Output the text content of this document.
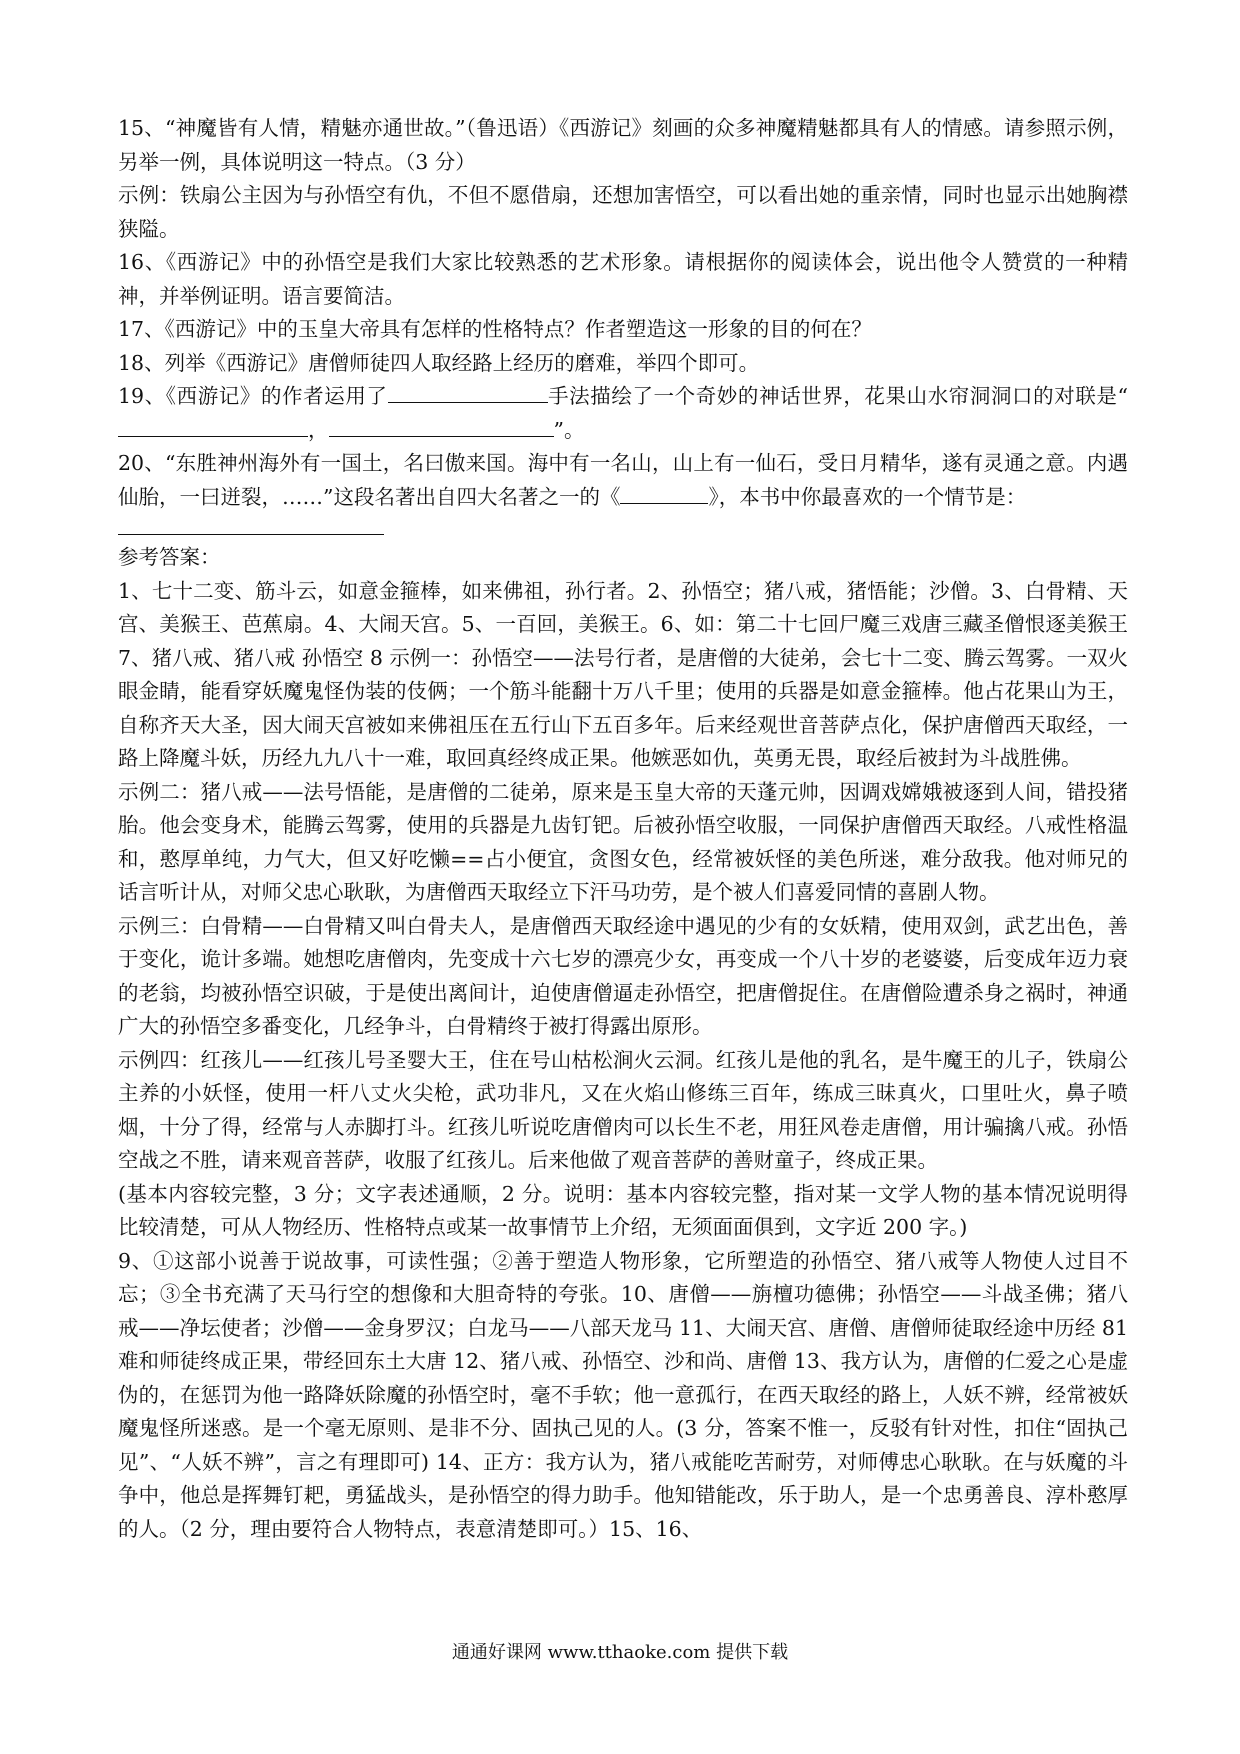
15、“神魔皆有人情，精魅亦通世故。”（鲁迅语）《西游记》刻画的众多神魔精魅都具有人的情感。请参照示例，另举一例，具体说明这一特点。（3 分）

示例：铁扇公主因为与孙悟空有仇，不但不愿借扇，还想加害悟空，可以看出她的重亲情，同时也显示出她胸襟狭隘。

16、《西游记》中的孙悟空是我们大家比较熟悉的艺术形象。请根据你的阅读体会，说出他令人赞赏的一种精神，并举例证明。语言要简洁。

17、《西游记》中的玉皇大帝具有怎样的性格特点？作者塑造这一形象的目的何在？

18、列举《西游记》唐僧师徒四人取经路上经历的磨难，举四个即可。

19、《西游记》的作者运用了	手法描绘了一个奇妙的神话世界，花果山水帘洞洞口的对联是“，	”。

20、“东胜神州海外有一国土，名曰傲来国。海中有一名山，山上有一仙石，受日月精华，遂有灵通之意。内遇仙胎，一曰迸裂，……”这段名著出自四大名著之一的《	》，本书中你最喜欢的一个情节是：

参考答案：

1、七十二变、筋斗云，如意金箍棒，如来佛祖，孙行者。2、孙悟空；猪八戒，猪悟能；沙僧。3、白骨精、天宫、美猴王、芭蕉扇。4、大闹天宫。5、一百回，美猴王。6、如：第二十七回尸魔三戏唐三藏圣僧恨逐美猴王 7、猪八戒、猪八戒 孙悟空 8 示例一：孙悟空——法号行者，是唐僧的大徒弟，会七十二变、腾云驾雾。一双火眼金睛，能看穿妖魔鬼怪伪装的伎俩；一个筋斗能翻十万八千里；使用的兵器是如意金箍棒。他占花果山为王，自称齐天大圣，因大闹天宫被如来佛祖压在五行山下五百多年。后来经观世音菩萨点化，保护唐僧西天取经，一路上降魔斗妖，历经九九八十一难，取回真经终成正果。他嫉恶如仇，英勇无畏，取经后被封为斗战胜佛。

示例二：猪八戒——法号悟能，是唐僧的二徒弟，原来是玉皇大帝的天蓬元帅，因调戏嫦娥被逐到人间，错投猪胎。他会变身术，能腾云驾雾，使用的兵器是九齿钉钯。后被孙悟空收服，一同保护唐僧西天取经。八戒性格温和，憨厚单纯，力气大，但又好吃懒==占小便宜，贪图女色，经常被妖怪的美色所迷，难分敌我。他对师兄的话言听计从，对师父忠心耿耿，为唐僧西天取经立下汗马功劳，是个被人们喜爱同情的喜剧人物。

示例三：白骨精——白骨精又叫白骨夫人，是唐僧西天取经途中遇见的少有的女妖精，使用双剑，武艺出色，善于变化，诡计多端。她想吃唐僧肉，先变成十六七岁的漂亮少女，再变成一个八十岁的老婆婆，后变成年迈力衰的老翁，均被孙悟空识破，于是使出离间计，迫使唐僧逼走孙悟空，把唐僧捉住。在唐僧险遭杀身之祸时，神通广大的孙悟空多番变化，几经争斗，白骨精终于被打得露出原形。

示例四：红孩儿——红孩儿号圣婴大王，住在号山枯松涧火云洞。红孩儿是他的乳名，是牛魔王的儿子，铁扇公主养的小妖怪，使用一杆八丈火尖枪，武功非凡，又在火焰山修练三百年，练成三昧真火，口里吐火，鼻子喷烟，十分了得，经常与人赤脚打斗。红孩儿听说吃唐僧肉可以长生不老，用狂风卷走唐僧，用计骗擒八戒。孙悟空战之不胜，请来观音菩萨，收服了红孩儿。后来他做了观音菩萨的善财童子，终成正果。

(基本内容较完整，3 分；文字表述通顺，2 分。说明：基本内容较完整，指对某一文学人物的基本情况说明得比较清楚，可从人物经历、性格特点或某一故事情节上介绍，无须面面俱到，文字近 200 字。)

9、①这部小说善于说故事，可读性强；②善于塑造人物形象，它所塑造的孙悟空、猪八戒等人物使人过目不忘；③全书充满了天马行空的想像和大胆奇特的夸张。10、唐僧——旃檀功德佛；孙悟空——斗战圣佛；猪八戒——净坛使者；沙僧——金身罗汉；白龙马——八部天龙马 11、大闹天宫、唐僧、唐僧师徒取经途中历经 81 难和师徒终成正果，带经回东土大唐 12、猪八戒、孙悟空、沙和尚、唐僧 13、我方认为，唐僧的仁爱之心是虚伪的，在惩罚为他一路降妖除魔的孙悟空时，毫不手软；他一意孤行，在西天取经的路上，人妖不辨，经常被妖魔鬼怪所迷惑。是一个毫无原则、是非不分、固执己见的人。(3 分，答案不惟一，反驳有针对性，扣住“固执己见”、“人妖不辨”，言之有理即可) 14、正方：我方认为，猪八戒能吃苦耐劳，对师傅忠心耿耿。在与妖魔的斗争中，他总是挥舞钉耙，勇猛战头，是孙悟空的得力助手。他知错能改，乐于助人，是一个忠勇善良、淳朴憨厚的人。（2 分，理由要符合人物特点，表意清楚即可。）15、16、

通通好课网 www.tthaoke.com 提供下载
